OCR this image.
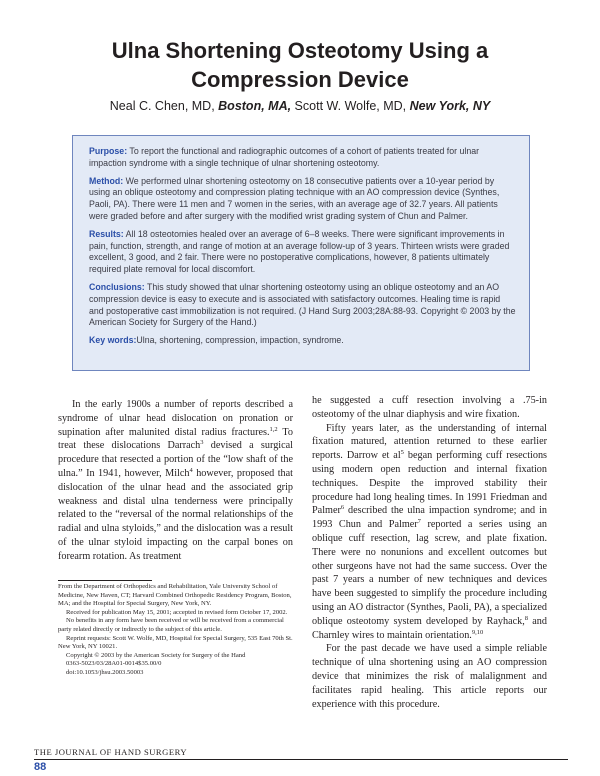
Ulna Shortening Osteotomy Using a
Compression Device
Neal C. Chen, MD, Boston, MA, Scott W. Wolfe, MD, New York, NY

Purpose: To report the functional and radiographic outcomes of a cohort of patients treated for ulnar impaction syndrome with a single technique of ulnar shortening osteotomy.

Method: We performed ulnar shortening osteotomy on 18 consecutive patients over a 10-year period by using an oblique osteotomy and compression plating technique with an AO compression device (Synthes, Paoli, PA). There were 11 men and 7 women in the series, with an average age of 32.7 years. All patients were graded before and after surgery with the modified wrist grading system of Chun and Palmer.

Results: All 18 osteotomies healed over an average of 6–8 weeks. There were significant improvements in pain, function, strength, and range of motion at an average follow-up of 3 years. Thirteen wrists were graded excellent, 3 good, and 2 fair. There were no postoperative complications, however, 8 patients ultimately required plate removal for local discomfort.

Conclusions: This study showed that ulnar shortening osteotomy using an oblique osteotomy and an AO compression device is easy to execute and is associated with satisfactory outcomes. Healing time is rapid and postoperative cast immobilization is not required. (J Hand Surg 2003;28A:88-93. Copyright © 2003 by the American Society for Surgery of the Hand.)

Key words:Ulna, shortening, compression, impaction, syndrome.

In the early 1900s a number of reports described a syndrome of ulnar head dislocation on pronation or supination after malunited distal radius fractures.$^{1,2}$ To treat these dislocations Darrach$^3$ devised a surgical procedure that resected a portion of the “low shaft of the ulna.” In 1941, however, Milch$^4$ however, proposed that dislocation of the ulnar head and the associated grip weakness and distal ulna tenderness were principally related to the “reversal of the normal relationships of the radial and ulna styloids,” and the dislocation was a result of the ulnar styloid impacting on the carpal bones on forearm rotation. As treatment

From the Department of Orthopedics and Rehabilitation, Yale University School of Medicine, New Haven, CT; Harvard Combined Orthopedic Residency Program, Boston, MA; and the Hospital for Special Surgery, New York, NY.

Received for publication May 15, 2001; accepted in revised form October 17, 2002.

No benefits in any form have been received or will be received from a commercial party related directly or indirectly to the subject of this article.

Reprint requests: Scott W. Wolfe, MD, Hospital for Special Surgery, 535 East 70th St. New York, NY 10021.

Copyright © 2003 by the American Society for Surgery of the Hand

0363-5023/03/28A01-0014$35.00/0

doi:10.1053/jhsu.2003.50003

he suggested a cuff resection involving a .75-in osteotomy of the ulnar diaphysis and wire fixation.

Fifty years later, as the understanding of internal fixation matured, attention returned to these earlier reports. Darrow et $al^5$ began performing cuff resections using modern open reduction and internal fixation techniques. Despite the improved stability their procedure had long healing times. In 1991 Friedman and Palmer$^6$ described the ulna impaction syndrome; and in 1993 Chun and Palmer$^7$ reported a series using an oblique cuff resection, lag screw, and plate fixation. There were no nonunions and excellent outcomes but other surgeons have not had the same success. Over the past 7 years a number of new techniques and devices have been suggested to simplify the procedure including using an AO distractor (Synthes, Paoli, PA), a specialized oblique osteotomy system developed by Rayhack,$^8$ and Charnley wires to maintain orientation.$^{9,10}$

For the past decade we have used a simple reliable technique of ulna shortening using an AO compression device that minimizes the risk of malalignment and facilitates rapid healing. This article reports our experience with this procedure.

THE JOURNAL OF HAND SURGERY
88
